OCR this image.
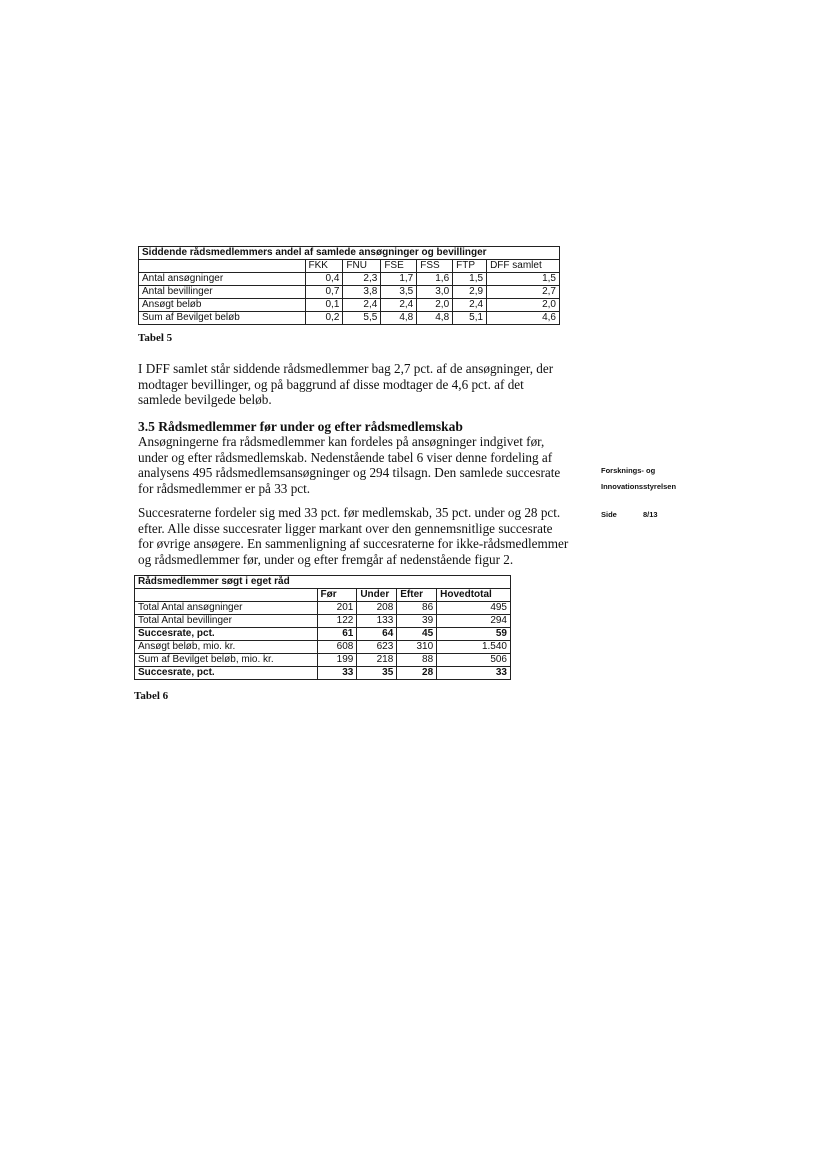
Siddende rådsmedlemmers andel af samlede ansøgninger og bevillinger						
	FKK	FNU	FSE	FSS	FTP	DFF samlet
Antal ansøgninger	0,4	2,3	1,7	1,6	1,5	1,5
Antal bevillinger	0,7	3,8	3,5	3,0	2,9	2,7
Ansøgt beløb	0,1	2,4	2,4	2,0	2,4	2,0
Sum af Bevilget beløb	0,2	5,5	4,8	4,8	5,1	4,6
Tabel 5
I DFF samlet står siddende rådsmedlemmer bag 2,7 pct. af de ansøgninger, der
modtager bevillinger, og på baggrund af disse modtager de 4,6 pct. af det
samlede bevilgede beløb.
3.5 Rådsmedlemmer før under og efter rådsmedlemskab
Ansøgningerne fra rådsmedlemmer kan fordeles på ansøgninger indgivet før,
under og efter rådsmedlemskab. Nedenstående tabel 6 viser denne fordeling af
analysens 495 rådsmedlemsansøgninger og 294 tilsagn. Den samlede succesrate
for rådsmedlemmer er på 33 pct.
Forsknings- og
Innovationsstyrelsen
Side	8/13
Succesraterne fordeler sig med 33 pct. før medlemskab, 35 pct. under og 28 pct.
efter. Alle disse succesrater ligger markant over den gennemsnitlige succesrate
for øvrige ansøgere. En sammenligning af succesraterne for ikke-rådsmedlemmer
og rådsmedlemmer før, under og efter fremgår af nedenstående figur 2.
Rådsmedlemmer søgt i eget råd				
	Før	Under	Efter	Hovedtotal
Total Antal ansøgninger	201	208	86	495
Total Antal bevillinger	122	133	39	294
Succesrate, pct.	61	64	45	59
Ansøgt beløb, mio. kr.	608	623	310	1.540
Sum af Bevilget beløb, mio. kr.	199	218	88	506
Succesrate, pct.	33	35	28	33
Tabel 6
